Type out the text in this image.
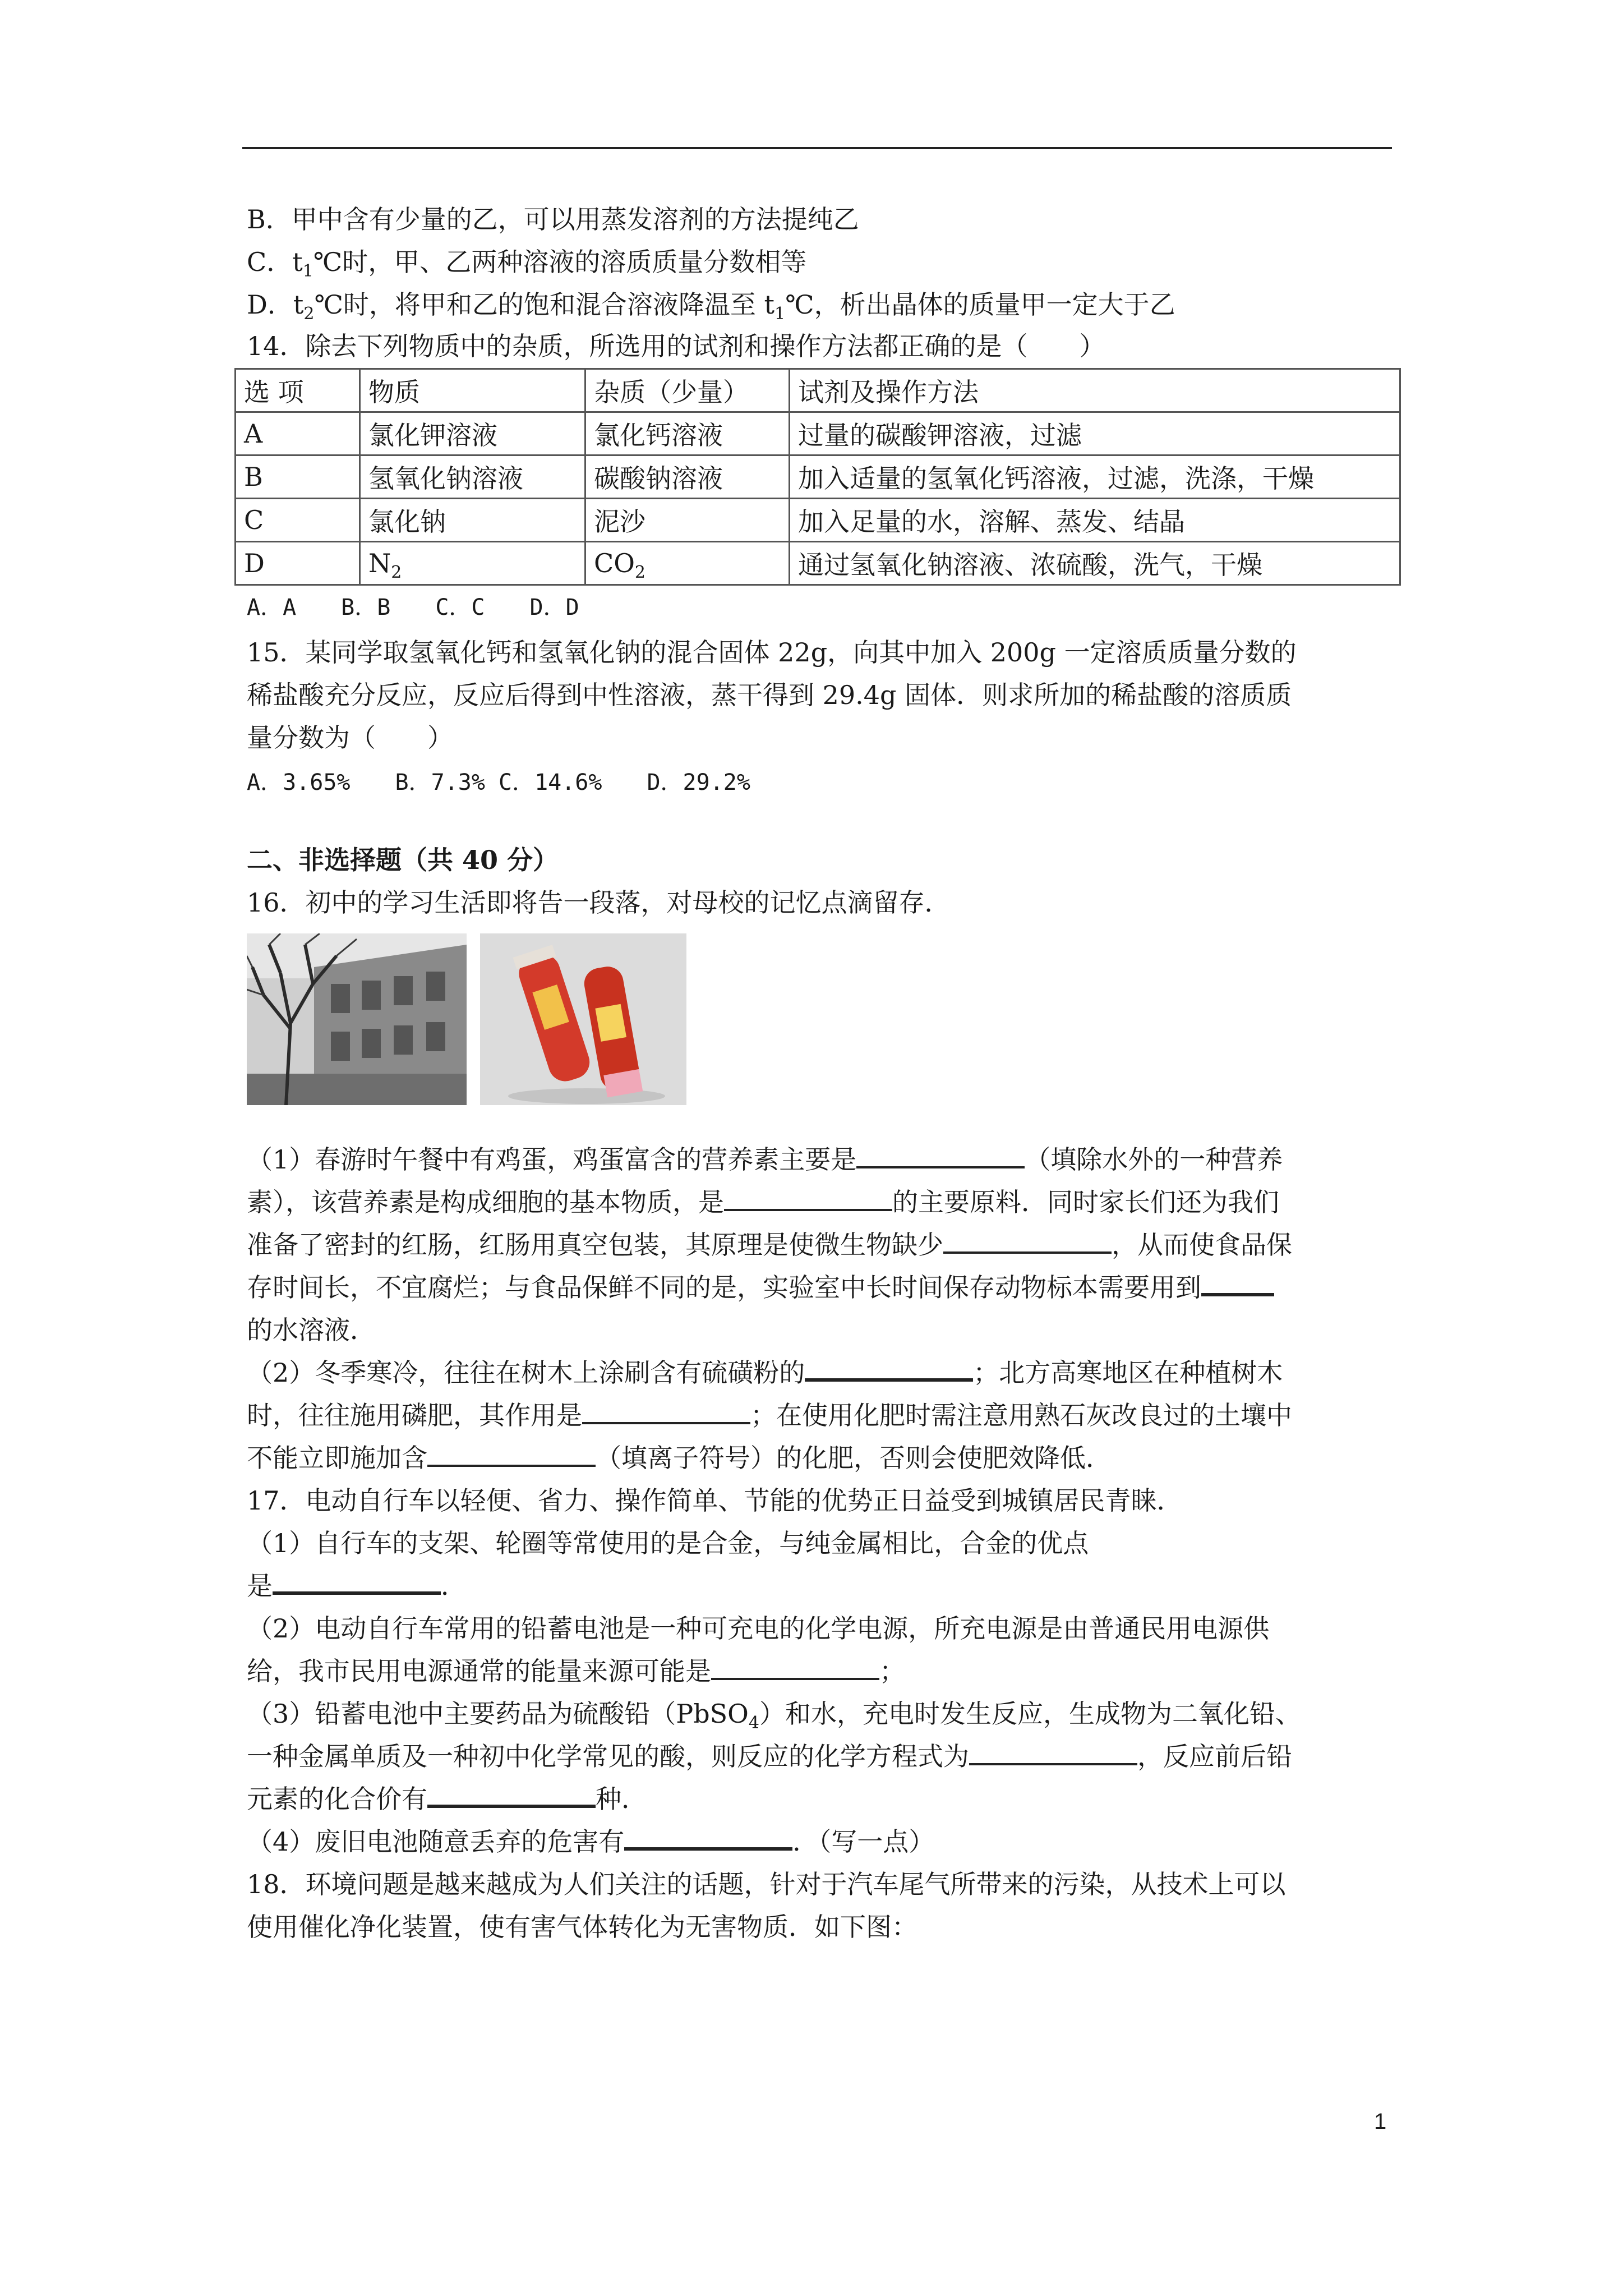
B．甲中含有少量的乙，可以用蒸发溶剂的方法提纯乙
C．$t_1℃$时，甲、乙两种溶液的溶质质量分数相等
D．$t_2℃$时，将甲和乙的饱和混合溶液降温至 $t_1℃$，析出晶体的质量甲一定大于乙
14．除去下列物质中的杂质，所选用的试剂和操作方法都正确的是（　　）
选 项	物质	杂质（少量）	试剂及操作方法
A	氯化钾溶液	氯化钙溶液	过量的碳酸钾溶液，过滤
B	氢氧化钠溶液	碳酸钠溶液	加入适量的氢氧化钙溶液，过滤，洗涤，干燥
C	氯化钠	泥沙	加入足量的水，溶解、蒸发、结晶
D	$N_2$	$CO_2$	通过氢氧化钠溶液、浓硫酸，洗气，干燥
A．A　　B．B　　C．C　　D．D
15．某同学取氢氧化钙和氢氧化钠的混合固体 22g，向其中加入 200g 一定溶质质量分数的
稀盐酸充分反应，反应后得到中性溶液，蒸干得到 29.4g 固体．则求所加的稀盐酸的溶质质
量分数为（　　）
A．3.65%　　B．7.3% C．14.6%　　D．29.2%
二、非选择题（共 40 分）
16．初中的学习生活即将告一段落，对母校的记忆点滴留存．
（1）春游时午餐中有鸡蛋，鸡蛋富含的营养素主要是	（填除水外的一种营养
素），该营养素是构成细胞的基本物质，是	的主要原料．同时家长们还为我们
准备了密封的红肠，红肠用真空包装，其原理是使微生物缺少	，从而使食品保
存时间长，不宜腐烂；与食品保鲜不同的是，实验室中长时间保存动物标本需要用到
的水溶液．
（2）冬季寒冷，往往在树木上涂刷含有硫磺粉的	；北方高寒地区在种植树木
时，往往施用磷肥，其作用是	；在使用化肥时需注意用熟石灰改良过的土壤中
不能立即施加含	（填离子符号）的化肥，否则会使肥效降低．
17．电动自行车以轻便、省力、操作简单、节能的优势正日益受到城镇居民青睐．
（1）自行车的支架、轮圈等常使用的是合金，与纯金属相比，合金的优点
是	．
（2）电动自行车常用的铅蓄电池是一种可充电的化学电源，所充电源是由普通民用电源供
给，我市民用电源通常的能量来源可能是	；
（3）铅蓄电池中主要药品为硫酸铅（PbSO$_4$）和水，充电时发生反应，生成物为二氧化铅、
一种金属单质及一种初中化学常见的酸，则反应的化学方程式为	，反应前后铅
元素的化合价有	种．
（4）废旧电池随意丢弃的危害有	．（写一点）
18．环境问题是越来越成为人们关注的话题，针对于汽车尾气所带来的污染，从技术上可以
使用催化净化装置，使有害气体转化为无害物质．如下图：
1
